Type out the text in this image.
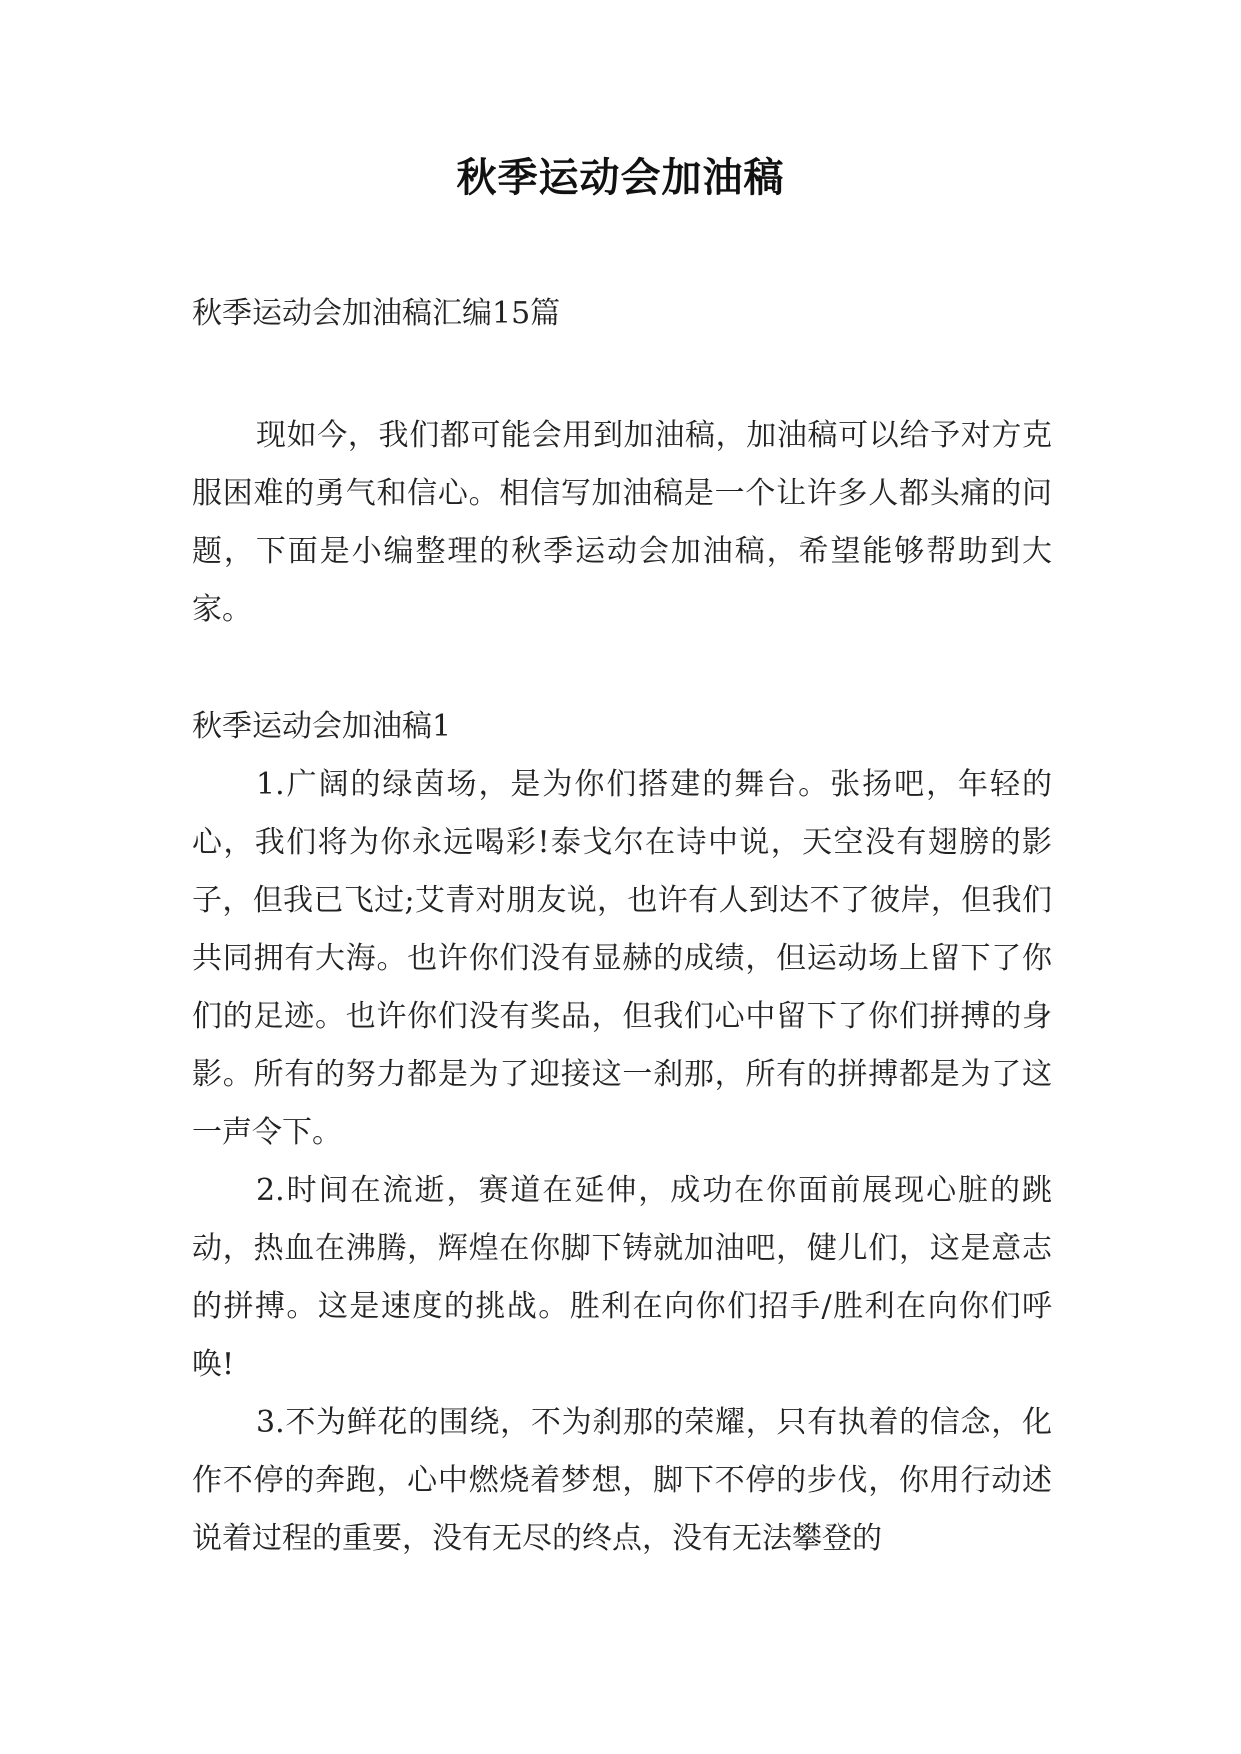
秋季运动会加油稿
秋季运动会加油稿汇编15篇
现如今，我们都可能会用到加油稿，加油稿可以给予对方克服困难的勇气和信心。相信写加油稿是一个让许多人都头痛的问题，下面是小编整理的秋季运动会加油稿，希望能够帮助到大家。
秋季运动会加油稿1

1.广阔的绿茵场，是为你们搭建的舞台。张扬吧，年轻的心，我们将为你永远喝彩!泰戈尔在诗中说，天空没有翅膀的影子，但我已飞过;艾青对朋友说，也许有人到达不了彼岸，但我们共同拥有大海。也许你们没有显赫的成绩，但运动场上留下了你们的足迹。也许你们没有奖品，但我们心中留下了你们拼搏的身影。所有的努力都是为了迎接这一刹那，所有的拼搏都是为了这一声令下。

2.时间在流逝，赛道在延伸，成功在你面前展现心脏的跳动，热血在沸腾，辉煌在你脚下铸就加油吧，健儿们，这是意志的拼搏。这是速度的挑战。胜利在向你们招手/胜利在向你们呼唤!

3.不为鲜花的围绕，不为刹那的荣耀，只有执着的信念，化作不停的奔跑，心中燃烧着梦想，脚下不停的步伐，你用行动述说着过程的重要，没有无尽的终点，没有无法攀登的
